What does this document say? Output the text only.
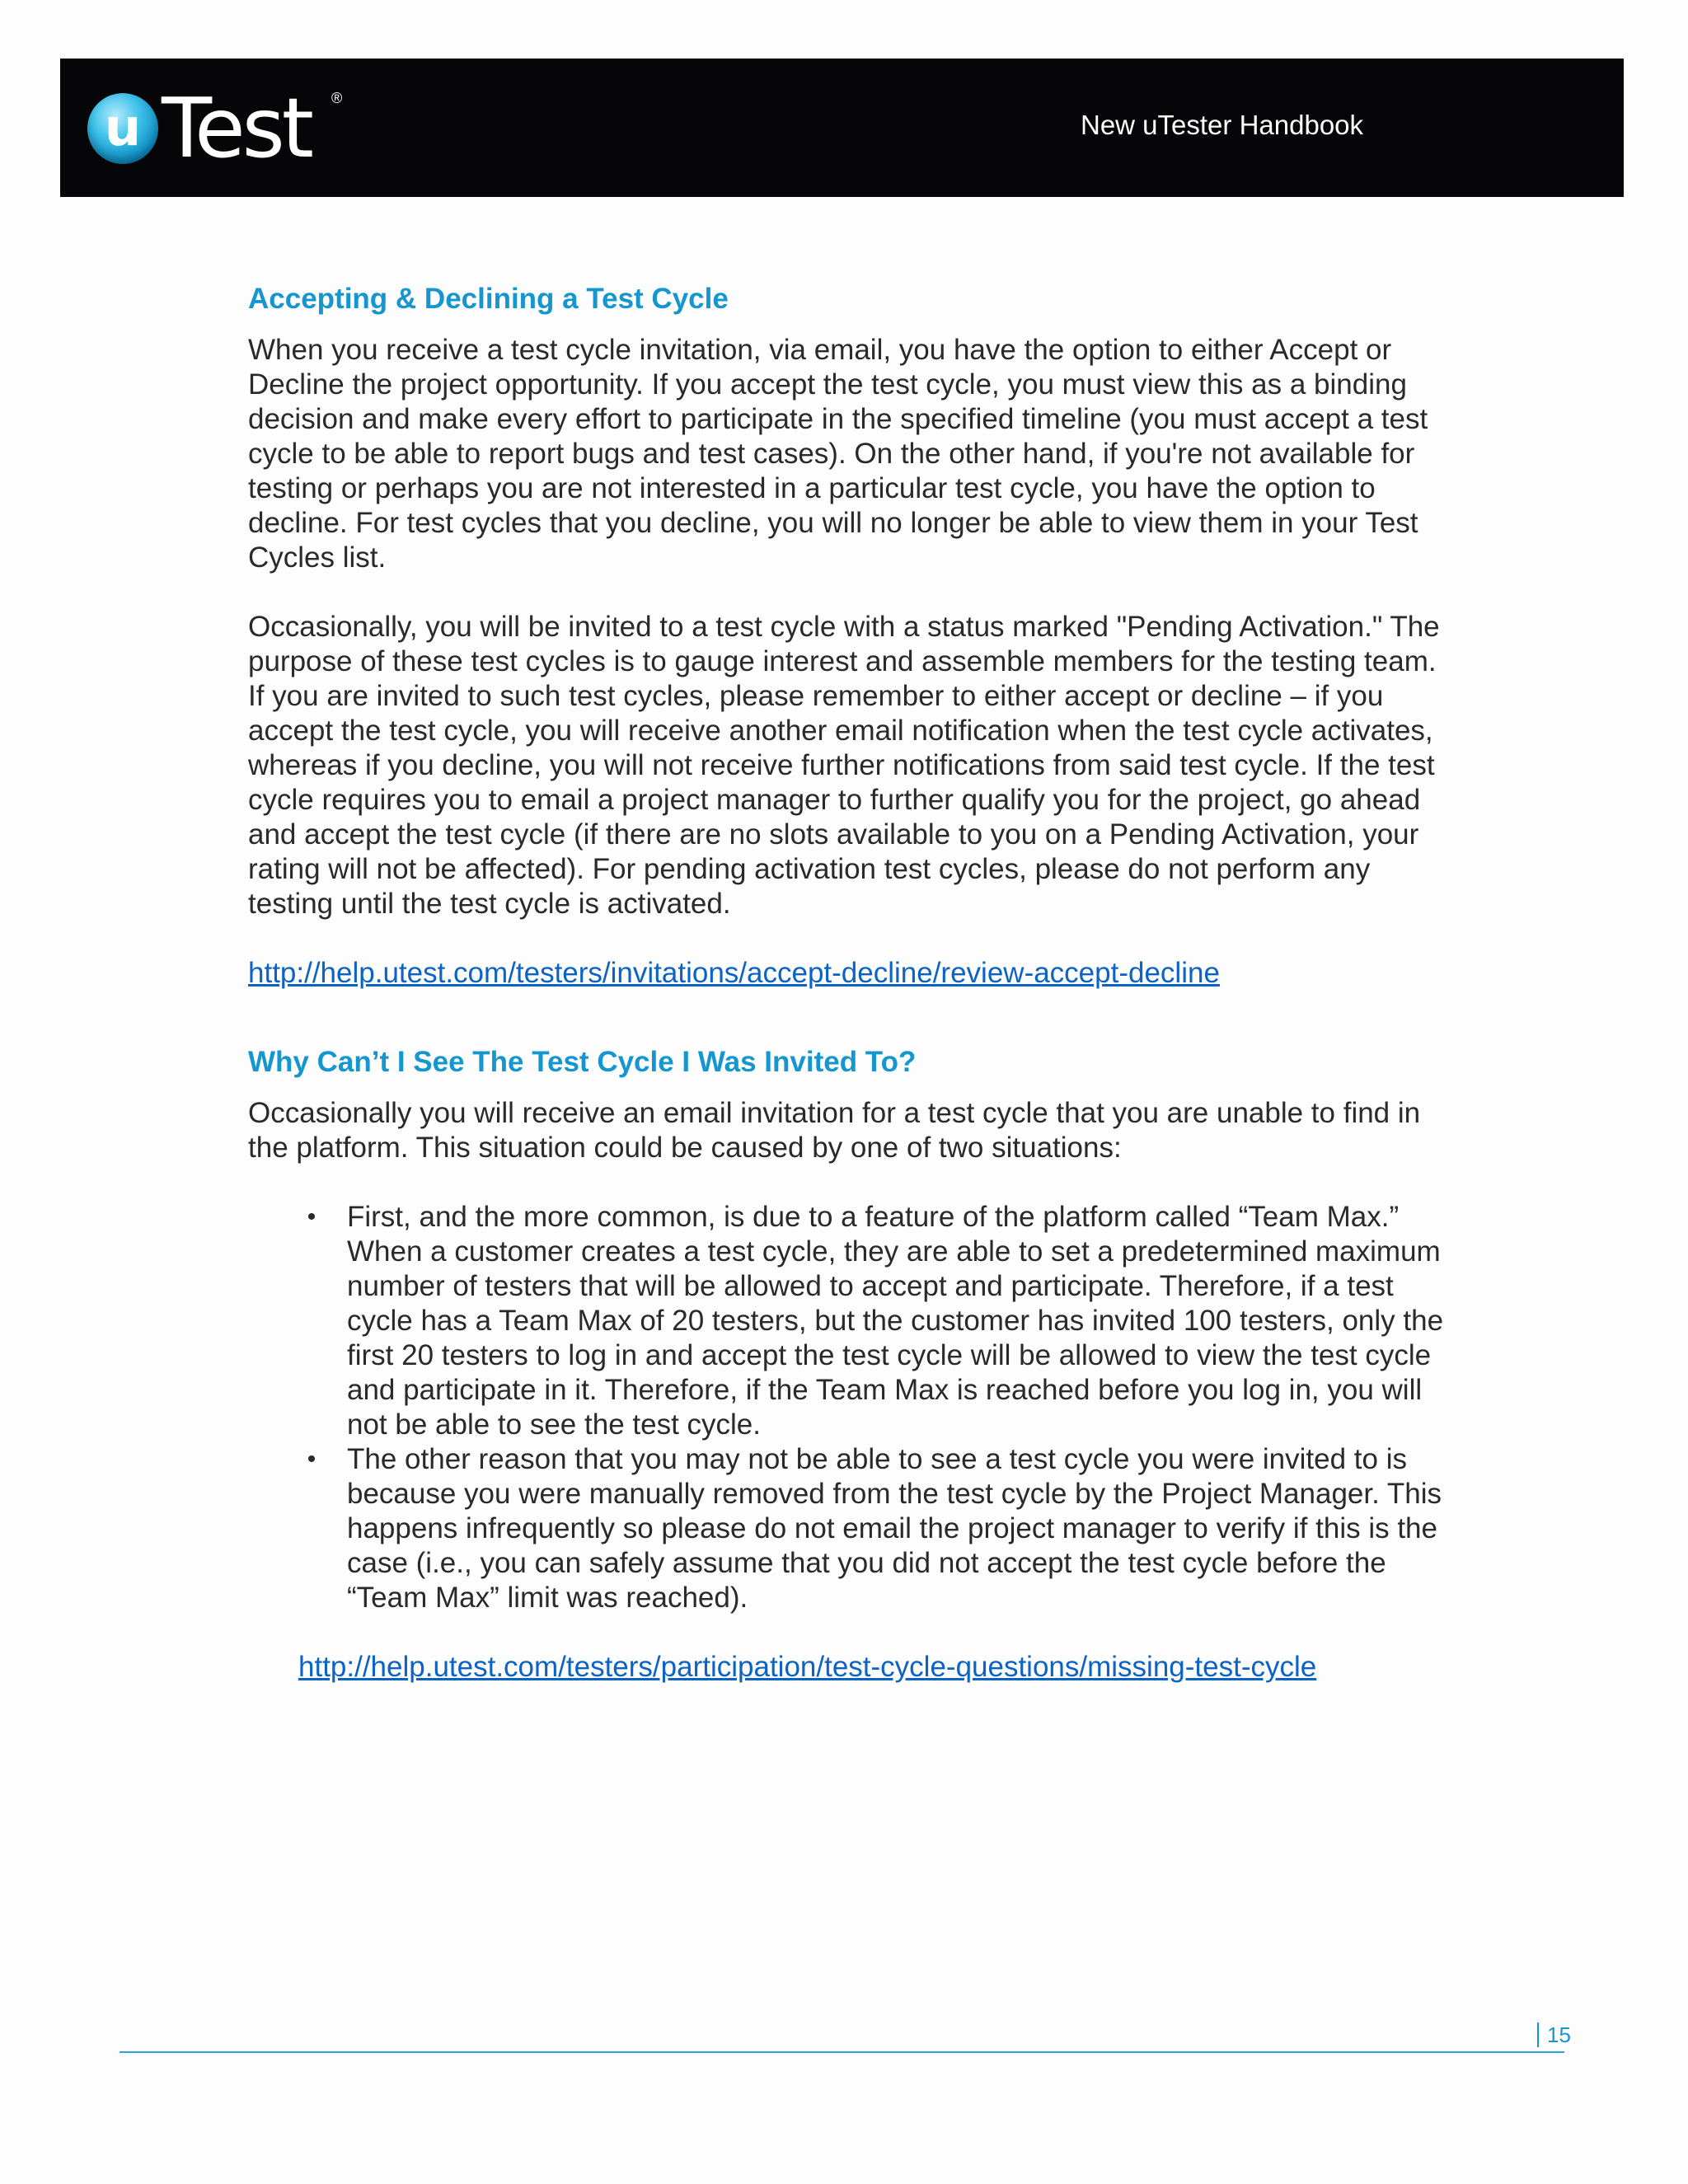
u Test ®
New uTester Handbook
Accepting & Declining a Test Cycle

When you receive a test cycle invitation, via email, you have the option to either Accept or Decline the project opportunity. If you accept the test cycle, you must view this as a binding decision and make every effort to participate in the specified timeline (you must accept a test cycle to be able to report bugs and test cases). On the other hand, if you're not available for testing or perhaps you are not interested in a particular test cycle, you have the option to decline. For test cycles that you decline, you will no longer be able to view them in your Test Cycles list.

Occasionally, you will be invited to a test cycle with a status marked "Pending Activation." The purpose of these test cycles is to gauge interest and assemble members for the testing team. If you are invited to such test cycles, please remember to either accept or decline – if you accept the test cycle, you will receive another email notification when the test cycle activates, whereas if you decline, you will not receive further notifications from said test cycle. If the test cycle requires you to email a project manager to further qualify you for the project, go ahead and accept the test cycle (if there are no slots available to you on a Pending Activation, your rating will not be affected). For pending activation test cycles, please do not perform any testing until the test cycle is activated.

http://help.utest.com/testers/invitations/accept-decline/review-accept-decline

Why Can’t I See The Test Cycle I Was Invited To?

Occasionally you will receive an email invitation for a test cycle that you are unable to find in the platform. This situation could be caused by one of two situations:

• First, and the more common, is due to a feature of the platform called “Team Max.” When a customer creates a test cycle, they are able to set a predetermined maximum number of testers that will be allowed to accept and participate. Therefore, if a test cycle has a Team Max of 20 testers, but the customer has invited 100 testers, only the first 20 testers to log in and accept the test cycle will be allowed to view the test cycle and participate in it. Therefore, if the Team Max is reached before you log in, you will not be able to see the test cycle.
• The other reason that you may not be able to see a test cycle you were invited to is because you were manually removed from the test cycle by the Project Manager. This happens infrequently so please do not email the project manager to verify if this is the case (i.e., you can safely assume that you did not accept the test cycle before the “Team Max” limit was reached).

http://help.utest.com/testers/participation/test-cycle-questions/missing-test-cycle

15
